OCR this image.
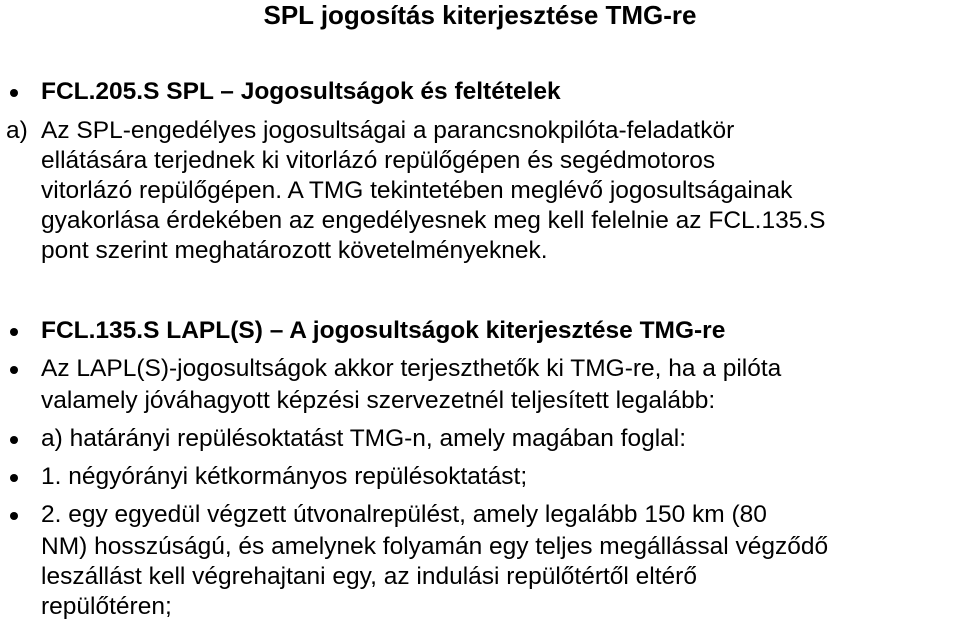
SPL jogosítás kiterjesztése TMG-re
FCL.205.S SPL – Jogosultságok és feltételek
a) Az SPL-engedélyes jogosultságai a parancsnokpilóta-feladatkör
ellátására terjednek ki vitorlázó repülőgépen és segédmotoros
vitorlázó repülőgépen. A TMG tekintetében meglévő jogosultságainak
gyakorlása érdekében az engedélyesnek meg kell felelnie az FCL.135.S
pont szerint meghatározott követelményeknek.
FCL.135.S LAPL(S) – A jogosultságok kiterjesztése TMG-re
Az LAPL(S)-jogosultságok akkor terjeszthetők ki TMG-re, ha a pilóta
valamely jóváhagyott képzési szervezetnél teljesített legalább:
a) határányi repülésoktatást TMG-n, amely magában foglal:
1. négyórányi kétkormányos repülésoktatást;
2. egy egyedül végzett útvonalrepülést, amely legalább 150 km (80
NM) hosszúságú, és amelynek folyamán egy teljes megállással végződő
leszállást kell végrehajtani egy, az indulási repülőtértől eltérő
repülőtéren;
